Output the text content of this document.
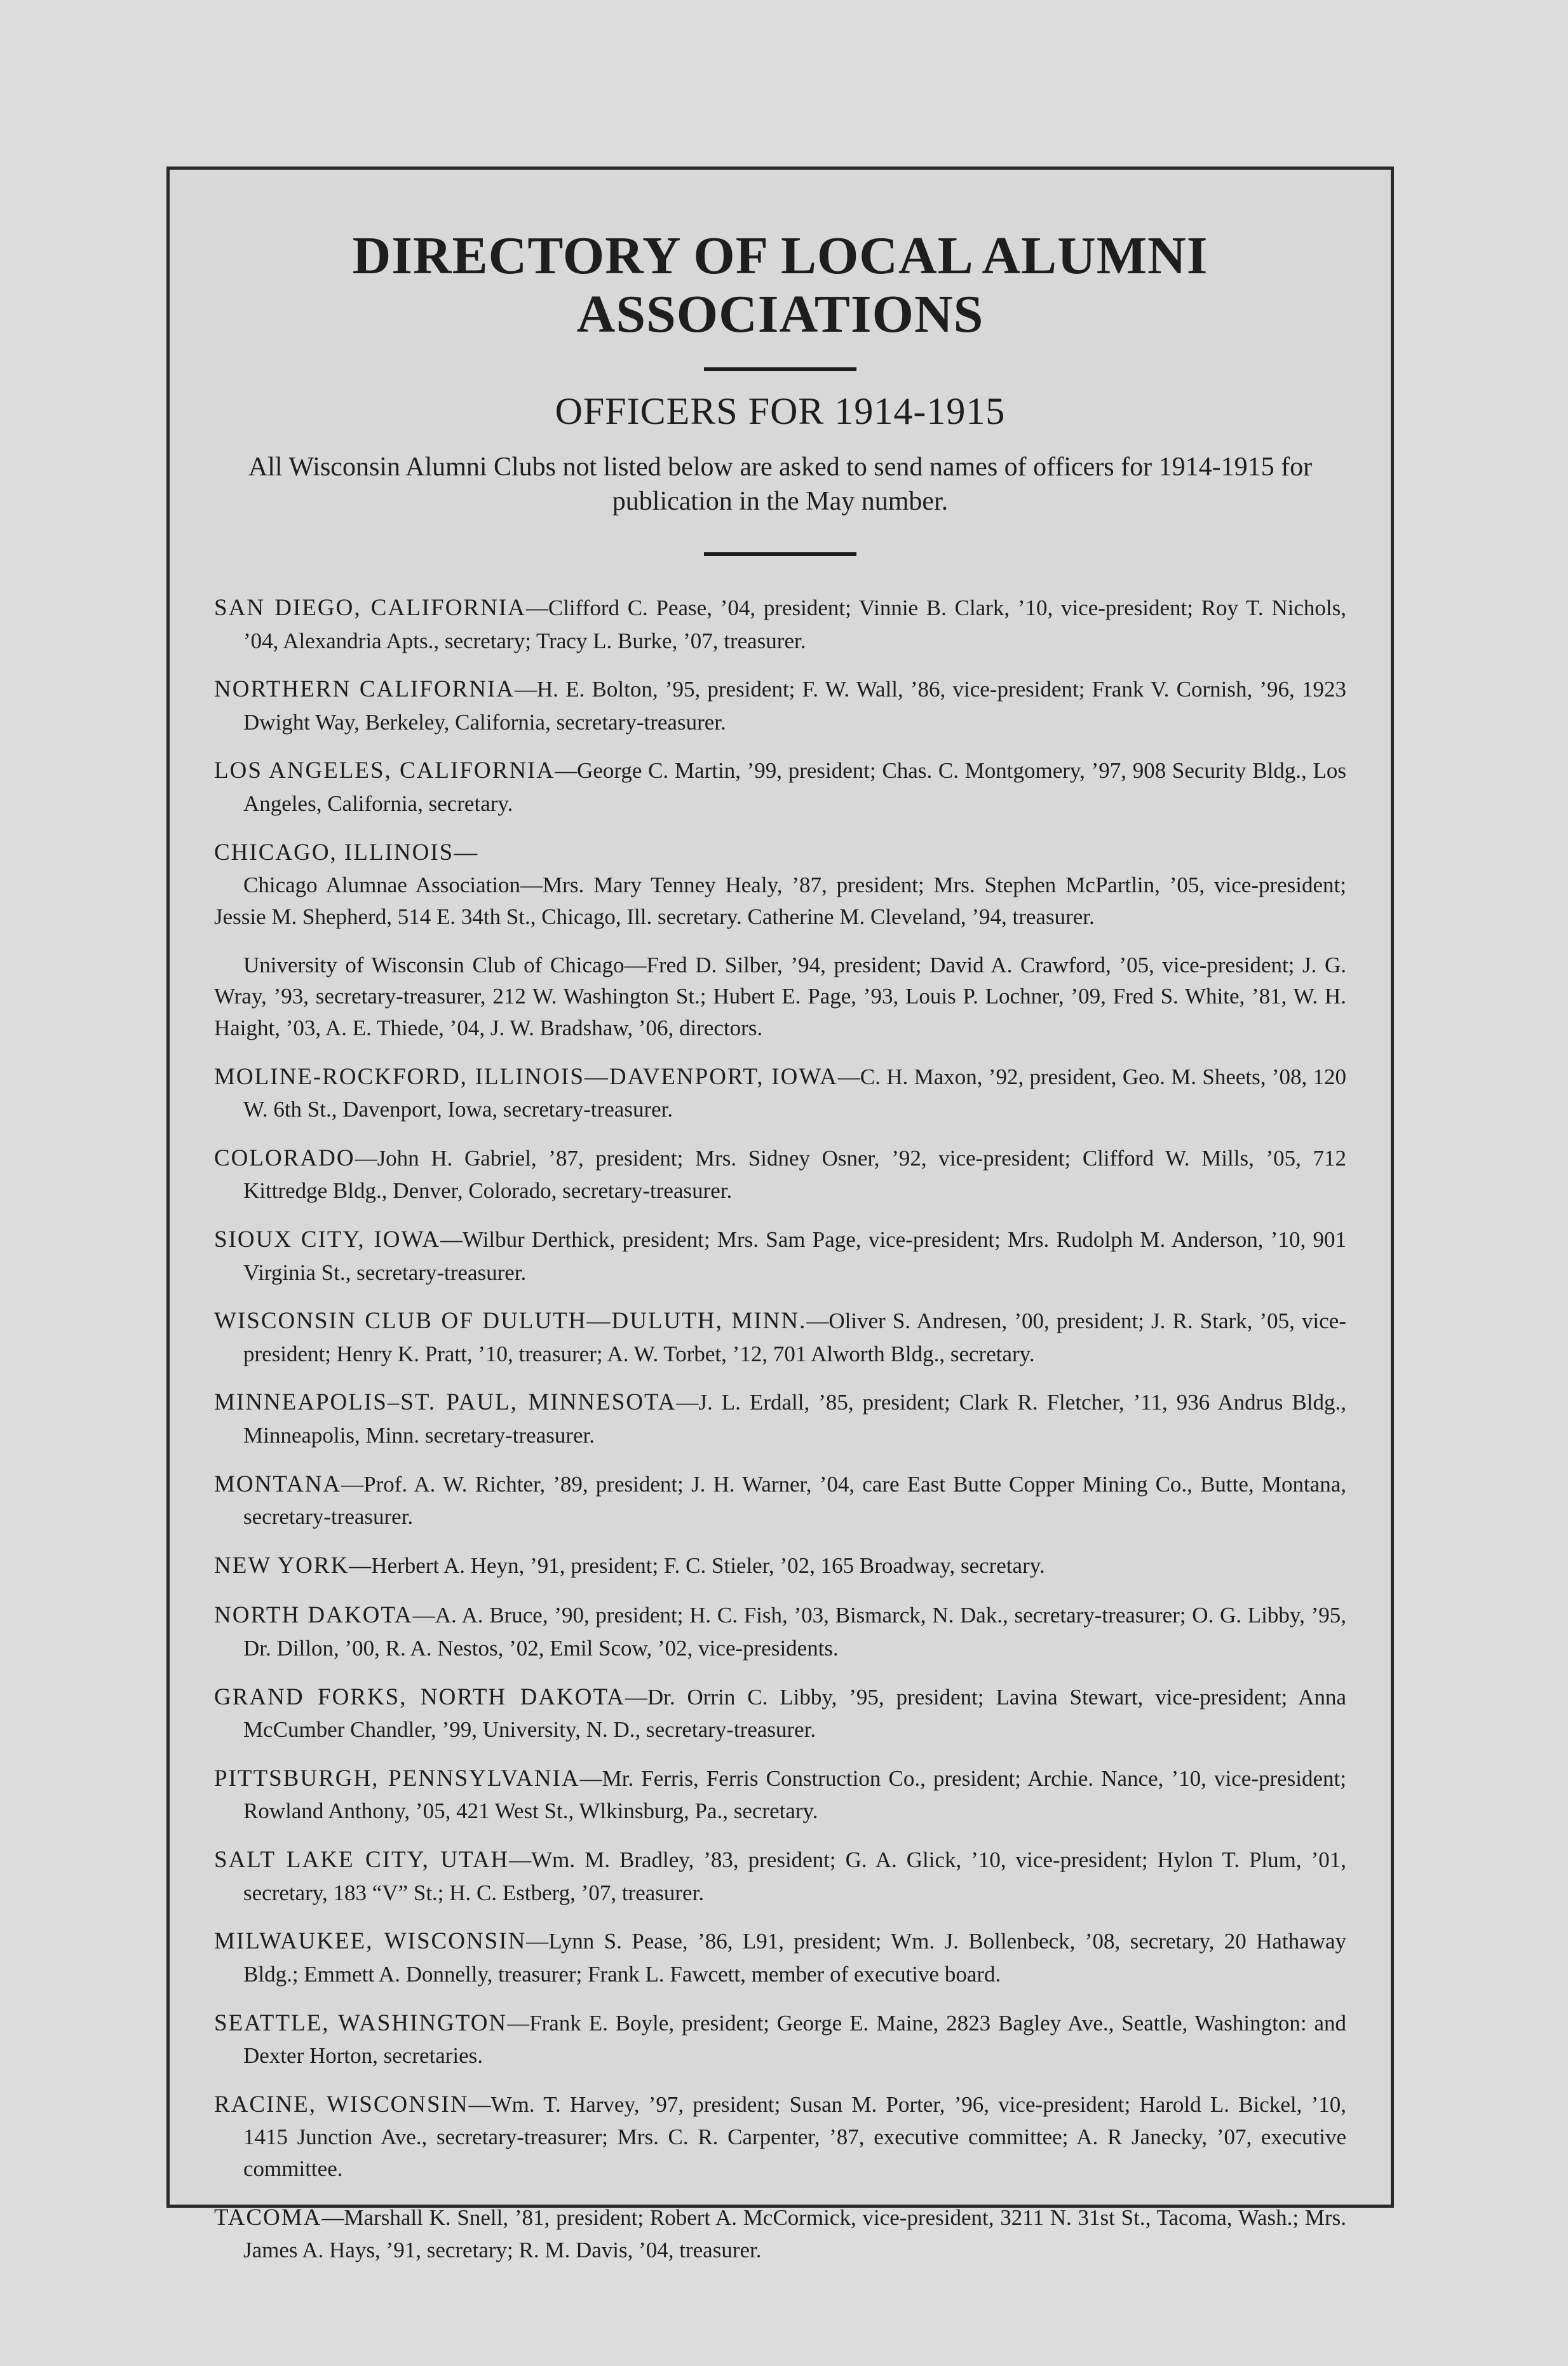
DIRECTORY OF LOCAL ALUMNI ASSOCIATIONS
OFFICERS FOR 1914-1915

All Wisconsin Alumni Clubs not listed below are asked to send names of officers for 1914-1915 for publication in the May number.

SAN DIEGO, CALIFORNIA—Clifford C. Pease, ’04, president; Vinnie B. Clark, ’10, vice-president; Roy T. Nichols, ’04, Alexandria Apts., secretary; Tracy L. Burke, ’07, treasurer.

NORTHERN CALIFORNIA—H. E. Bolton, ’95, president; F. W. Wall, ’86, vice-president; Frank V. Cornish, ’96, 1923 Dwight Way, Berkeley, California, secretary-treasurer.

LOS ANGELES, CALIFORNIA—George C. Martin, ’99, president; Chas. C. Montgomery, ’97, 908 Security Bldg., Los Angeles, California, secretary.

CHICAGO, ILLINOIS—

Chicago Alumnae Association—Mrs. Mary Tenney Healy, ’87, president; Mrs. Stephen McPartlin, ’05, vice-president; Jessie M. Shepherd, 514 E. 34th St., Chicago, Ill. secretary. Catherine M. Cleveland, ’94, treasurer.

University of Wisconsin Club of Chicago—Fred D. Silber, ’94, president; David A. Crawford, ’05, vice-president; J. G. Wray, ’93, secretary-treasurer, 212 W. Washington St.; Hubert E. Page, ’93, Louis P. Lochner, ’09, Fred S. White, ’81, W. H. Haight, ’03, A. E. Thiede, ’04, J. W. Bradshaw, ’06, directors.

MOLINE-ROCKFORD, ILLINOIS—DAVENPORT, IOWA—C. H. Maxon, ’92, president, Geo. M. Sheets, ’08, 120 W. 6th St., Davenport, Iowa, secretary-treasurer.

COLORADO—John H. Gabriel, ’87, president; Mrs. Sidney Osner, ’92, vice-president; Clifford W. Mills, ’05, 712 Kittredge Bldg., Denver, Colorado, secretary-treasurer.

SIOUX CITY, IOWA—Wilbur Derthick, president; Mrs. Sam Page, vice-president; Mrs. Rudolph M. Anderson, ’10, 901 Virginia St., secretary-treasurer.

WISCONSIN CLUB OF DULUTH—DULUTH, MINN.—Oliver S. Andresen, ’00, president; J. R. Stark, ’05, vice-president; Henry K. Pratt, ’10, treasurer; A. W. Torbet, ’12, 701 Alworth Bldg., secretary.

MINNEAPOLIS–ST. PAUL, MINNESOTA—J. L. Erdall, ’85, president; Clark R. Fletcher, ’11, 936 Andrus Bldg., Minneapolis, Minn. secretary-treasurer.

MONTANA—Prof. A. W. Richter, ’89, president; J. H. Warner, ’04, care East Butte Copper Mining Co., Butte, Montana, secretary-treasurer.

NEW YORK—Herbert A. Heyn, ’91, president; F. C. Stieler, ’02, 165 Broadway, secretary.

NORTH DAKOTA—A. A. Bruce, ’90, president; H. C. Fish, ’03, Bismarck, N. Dak., secretary-treasurer; O. G. Libby, ’95, Dr. Dillon, ’00, R. A. Nestos, ’02, Emil Scow, ’02, vice-presidents.

GRAND FORKS, NORTH DAKOTA—Dr. Orrin C. Libby, ’95, president; Lavina Stewart, vice-president; Anna McCumber Chandler, ’99, University, N. D., secretary-treasurer.

PITTSBURGH, PENNSYLVANIA—Mr. Ferris, Ferris Construction Co., president; Archie. Nance, ’10, vice-president; Rowland Anthony, ’05, 421 West St., Wlkinsburg, Pa., secretary.

SALT LAKE CITY, UTAH—Wm. M. Bradley, ’83, president; G. A. Glick, ’10, vice-president; Hylon T. Plum, ’01, secretary, 183 “V” St.; H. C. Estberg, ’07, treasurer.

MILWAUKEE, WISCONSIN—Lynn S. Pease, ’86, L91, president; Wm. J. Bollenbeck, ’08, secretary, 20 Hathaway Bldg.; Emmett A. Donnelly, treasurer; Frank L. Fawcett, member of executive board.

SEATTLE, WASHINGTON—Frank E. Boyle, president; George E. Maine, 2823 Bagley Ave., Seattle, Washington: and Dexter Horton, secretaries.

RACINE, WISCONSIN—Wm. T. Harvey, ’97, president; Susan M. Porter, ’96, vice-president; Harold L. Bickel, ’10, 1415 Junction Ave., secretary-treasurer; Mrs. C. R. Carpenter, ’87, executive committee; A. R Janecky, ’07, executive committee.

TACOMA—Marshall K. Snell, ’81, president; Robert A. McCormick, vice-president, 3211 N. 31st St., Tacoma, Wash.; Mrs. James A. Hays, ’91, secretary; R. M. Davis, ’04, treasurer.
